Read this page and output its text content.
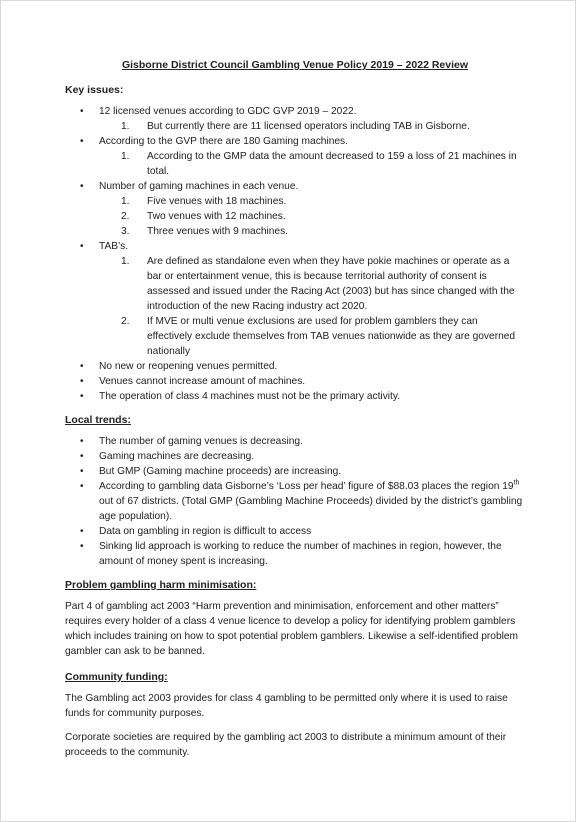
Gisborne District Council Gambling Venue Policy 2019 – 2022 Review
Key issues:
• 12 licensed venues according to GDC GVP 2019 – 2022.
1. But currently there are 11 licensed operators including TAB in Gisborne.
• According to the GVP there are 180 Gaming machines.
1. According to the GMP data the amount decreased to 159 a loss of 21 machines in total.
• Number of gaming machines in each venue.
1. Five venues with 18 machines.
2. Two venues with 12 machines.
3. Three venues with 9 machines.
• TAB’s.
1. Are defined as standalone even when they have pokie machines or operate as a bar or entertainment venue, this is because territorial authority of consent is assessed and issued under the Racing Act (2003) but has since changed with the introduction of the new Racing industry act 2020.
2. If MVE or multi venue exclusions are used for problem gamblers they can effectively exclude themselves from TAB venues nationwide as they are governed nationally
• No new or reopening venues permitted.
• Venues cannot increase amount of machines.
• The operation of class 4 machines must not be the primary activity.
Local trends:
• The number of gaming venues is decreasing.
• Gaming machines are decreasing.
• But GMP (Gaming machine proceeds) are increasing.
• According to gambling data Gisborne’s ‘Loss per head’ figure of $88.03 places the region 19th out of 67 districts. (Total GMP (Gambling Machine Proceeds) divided by the district’s gambling age population).
• Data on gambling in region is difficult to access
• Sinking lid approach is working to reduce the number of machines in region, however, the amount of money spent is increasing.
Problem gambling harm minimisation:

Part 4 of gambling act 2003 “Harm prevention and minimisation, enforcement and other matters” requires every holder of a class 4 venue licence to develop a policy for identifying problem gamblers which includes training on how to spot potential problem gamblers. Likewise a self-identified problem gambler can ask to be banned.

Community funding:

The Gambling act 2003 provides for class 4 gambling to be permitted only where it is used to raise funds for community purposes.

Corporate societies are required by the gambling act 2003 to distribute a minimum amount of their proceeds to the community.
